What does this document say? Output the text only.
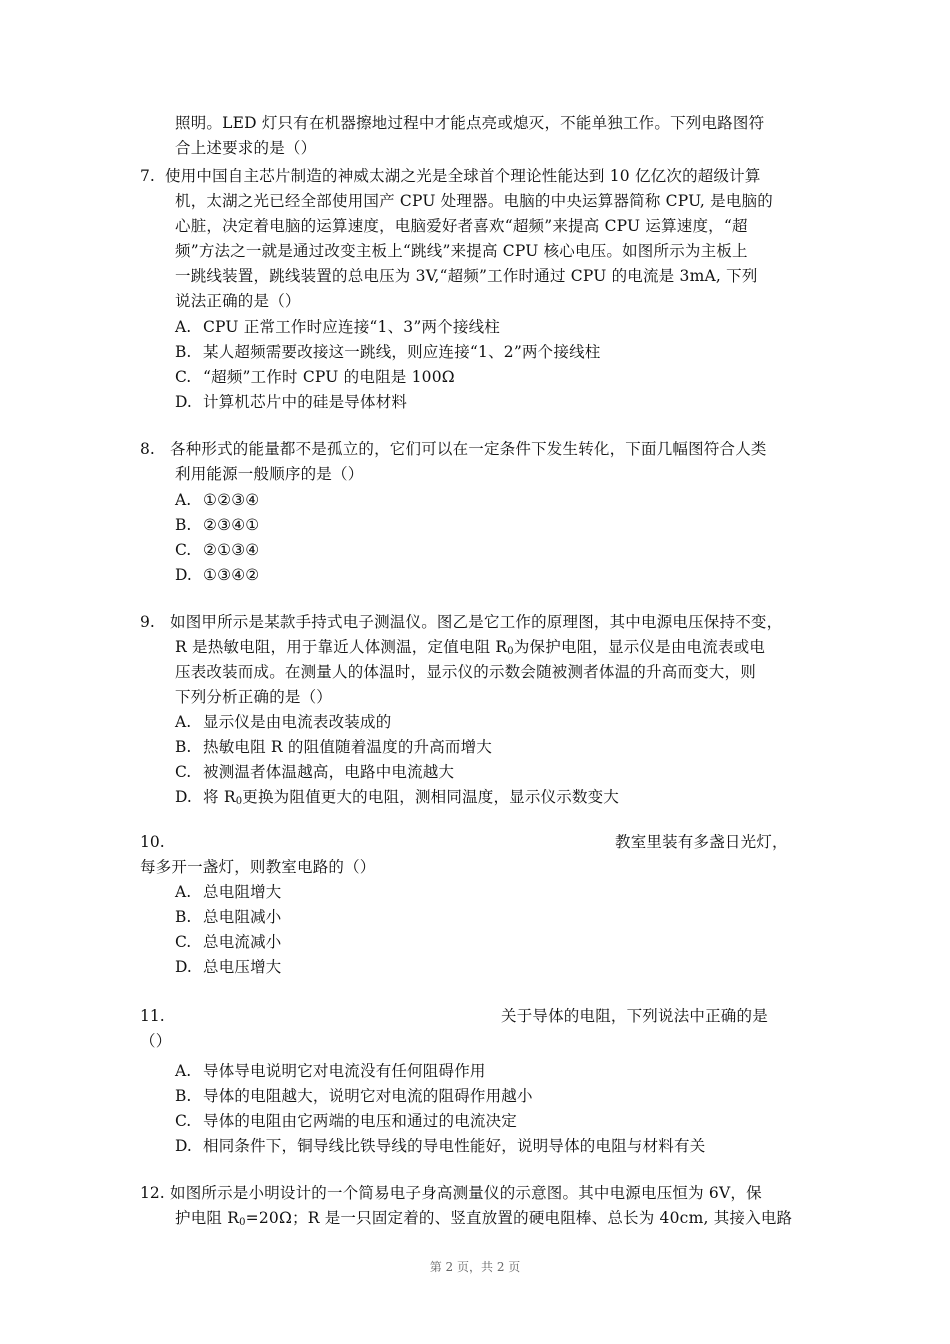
照明。LED 灯只有在机器擦地过程中才能点亮或熄灭，不能单独工作。下列电路图符
合上述要求的是（）
7. 使用中国自主芯片制造的神威太湖之光是全球首个理论性能达到 10 亿亿次的超级计算
机，太湖之光已经全部使用国产 CPU 处理器。电脑的中央运算器简称 CPU, 是电脑的
心脏，决定着电脑的运算速度，电脑爱好者喜欢“超频”来提高 CPU 运算速度，“超
频”方法之一就是通过改变主板上“跳线”来提高 CPU 核心电压。如图所示为主板上
一跳线装置，跳线装置的总电压为 3V,“超频”工作时通过 CPU 的电流是 3mA, 下列
说法正确的是（）
A. CPU 正常工作时应连接“1、3”两个接线柱
B. 某人超频需要改接这一跳线，则应连接“1、2”两个接线柱
C. “超频”工作时 CPU 的电阻是 100Ω
D. 计算机芯片中的硅是导体材料
8. 各种形式的能量都不是孤立的，它们可以在一定条件下发生转化，下面几幅图符合人类
利用能源一般顺序的是（）
A. ①②③④
B. ②③④①
C. ②①③④
D. ①③④②
9. 如图甲所示是某款手持式电子测温仪。图乙是它工作的原理图，其中电源电压保持不变，
R 是热敏电阻，用于靠近人体测温，定值电阻 $R_0$为保护电阻，显示仪是由电流表或电
压表改装而成。在测量人的体温时，显示仪的示数会随被测者体温的升高而变大，则
下列分析正确的是（）
A. 显示仪是由电流表改装成的
B. 热敏电阻 R 的阻值随着温度的升高而增大
C. 被测温者体温越高，电路中电流越大
D. 将 $R_0$更换为阻值更大的电阻，测相同温度，显示仪示数变大
10.	教室里装有多盏日光灯，
每多开一盏灯，则教室电路的（）
A. 总电阻增大
B. 总电阻减小
C. 总电流减小
D. 总电压增大
11.	关于导体的电阻，下列说法中正确的是
（）
A. 导体导电说明它对电流没有任何阻碍作用
B. 导体的电阻越大，说明它对电流的阻碍作用越小
C. 导体的电阻由它两端的电压和通过的电流决定
D. 相同条件下，铜导线比铁导线的导电性能好，说明导体的电阻与材料有关
12. 如图所示是小明设计的一个简易电子身高测量仪的示意图。其中电源电压恒为 6V，保
护电阻 $R_0=20\Omega$；R 是一只固定着的、竖直放置的硬电阻棒、总长为 40cm, 其接入电路
第 2 页，共 2 页
